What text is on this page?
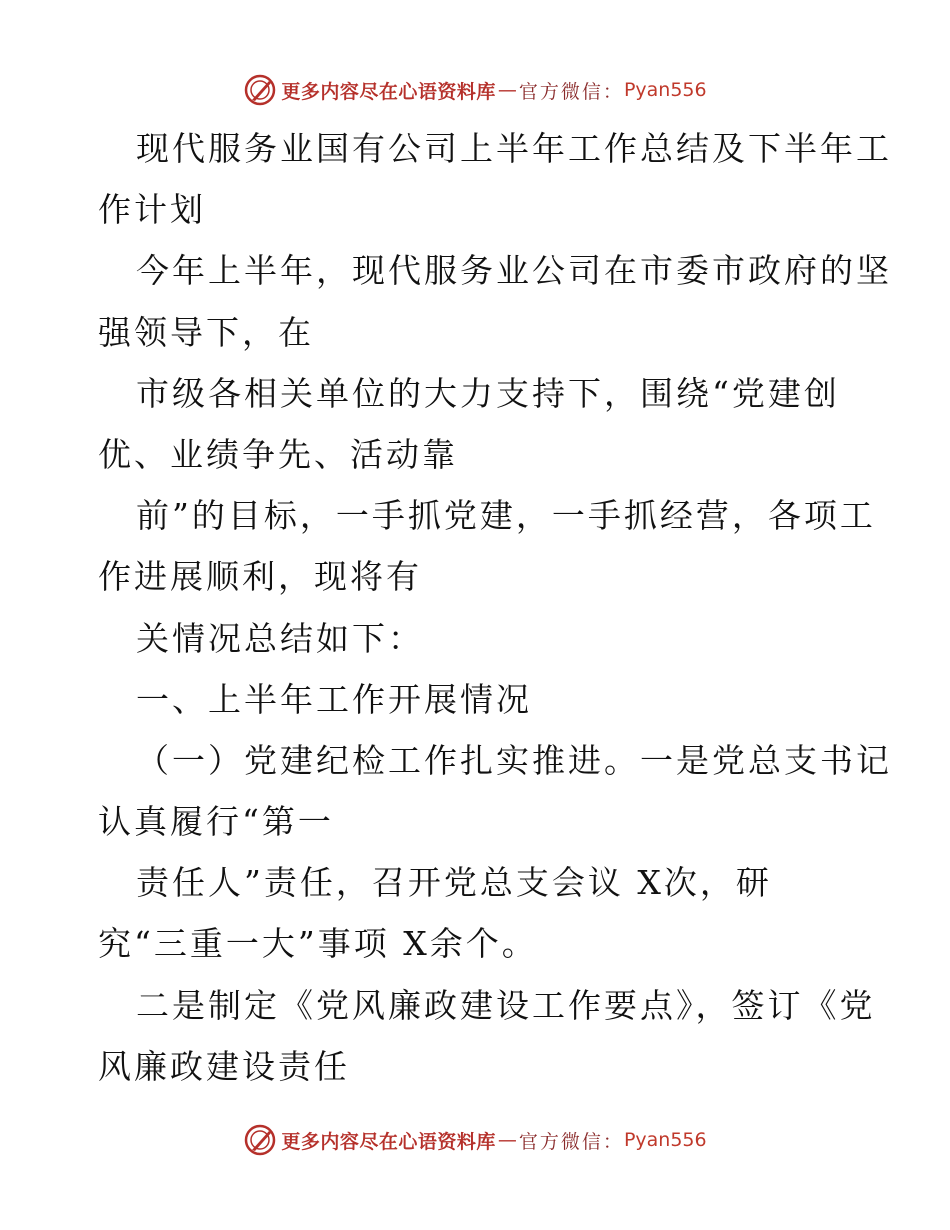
更多内容尽在心语资料库 — 官方微信： Pyan556
现代服务业国有公司上半年工作总结及下半年工
作计划
今年上半年，现代服务业公司在市委市政府的坚
强领导下，在
市级各相关单位的大力支持下，围绕“党建创
优、业绩争先、活动靠
前”的目标，一手抓党建，一手抓经营，各项工
作进展顺利，现将有
关情况总结如下：
一、上半年工作开展情况
（一）党建纪检工作扎实推进。一是党总支书记
认真履行“第一
责任人”责任，召开党总支会议 X次，研
究“三重一大”事项 X余个。
二是制定《党风廉政建设工作要点》，签订《党
风廉政建设责任
更多内容尽在心语资料库 — 官方微信： Pyan556
